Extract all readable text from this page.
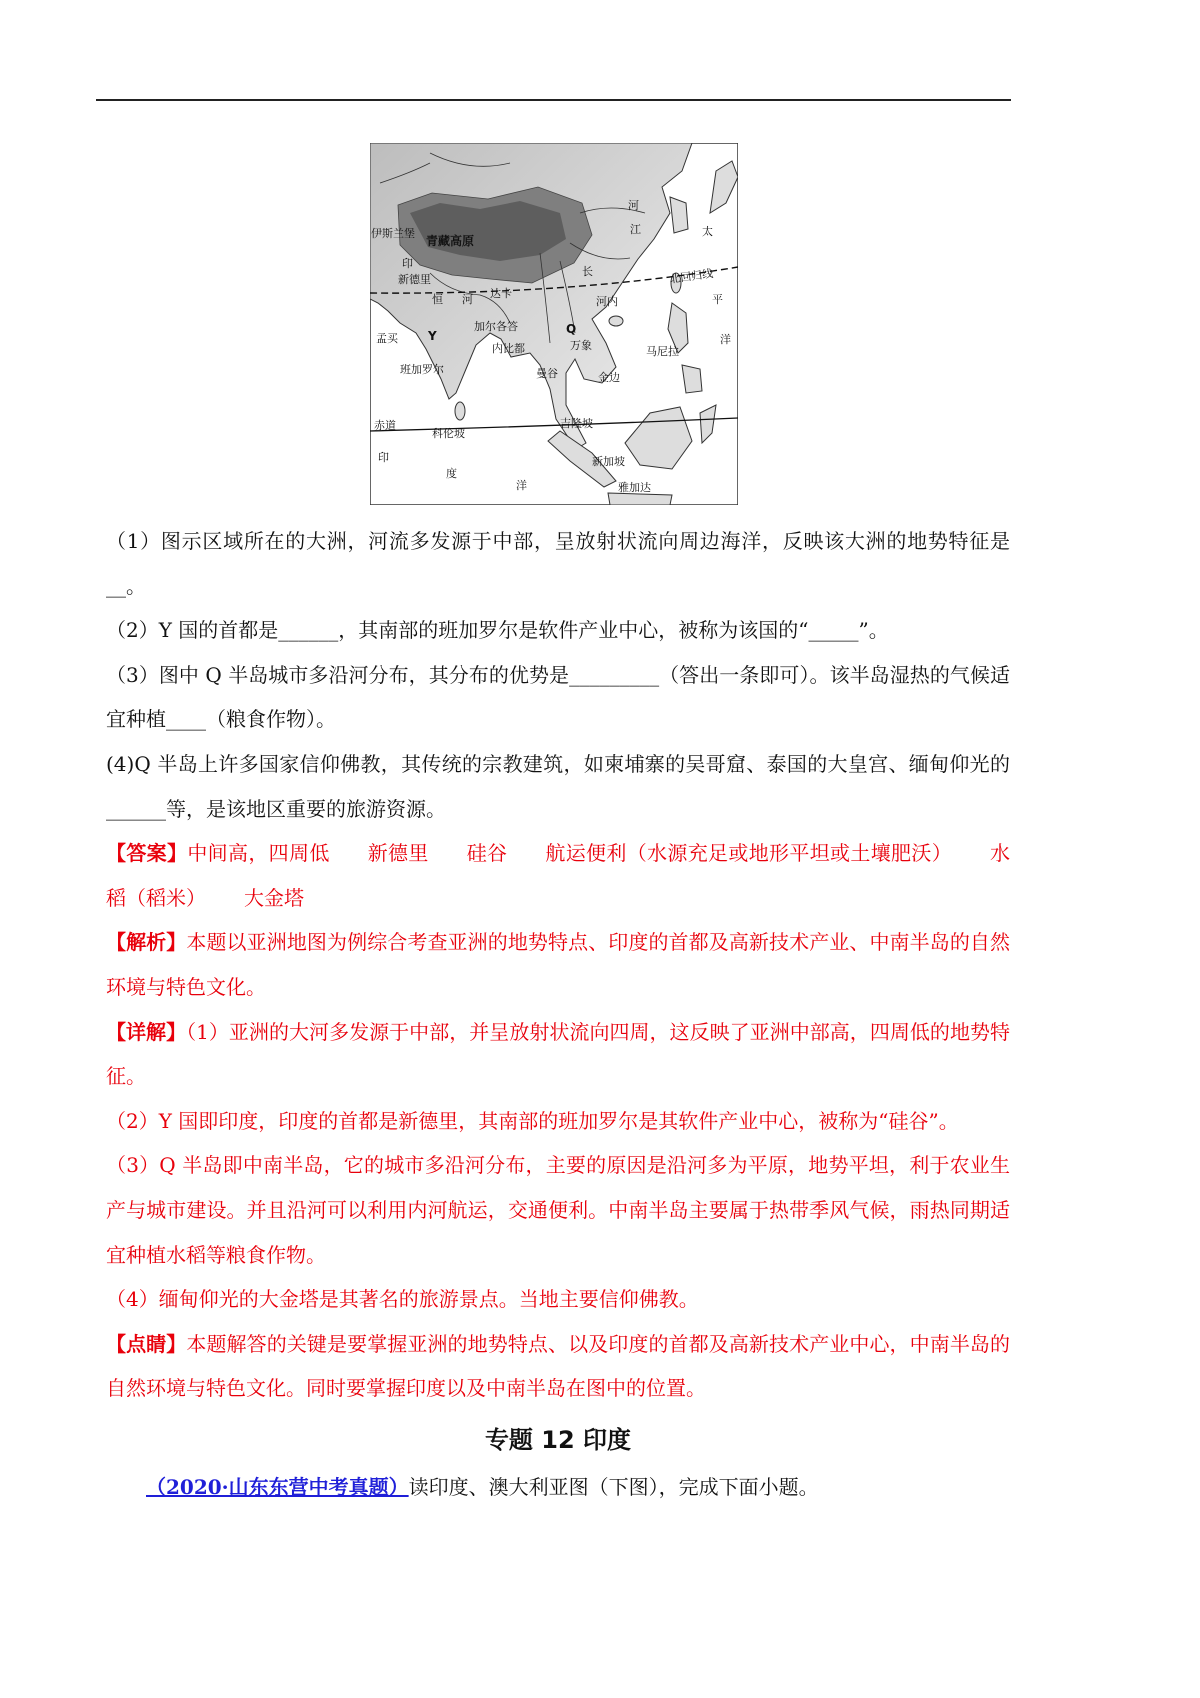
伊斯兰堡
青藏高原
印
新德里
恒 河 达卡
加尔各答
孟买	Y
班加罗尔
科伦坡
赤道
印
度
洋
内比都
Q
河内
万象
曼谷	金边
马尼拉
吉隆坡
新加坡
雅加达
长
江
河
北回归线
太
平
洋

（1）图示区域所在的大洲，河流多发源于中部，呈放射状流向周边海洋，反映该大洲的地势特征是__。

（2）Y 国的首都是______，其南部的班加罗尔是软件产业中心，被称为该国的“_____”。

（3）图中 Q 半岛城市多沿河分布，其分布的优势是_________（答出一条即可）。该半岛湿热的气候适宜种植____（粮食作物）。

(4)Q 半岛上许多国家信仰佛教，其传统的宗教建筑，如柬埔寨的吴哥窟、泰国的大皇宫、缅甸仰光的______等，是该地区重要的旅游资源。

【答案】中间高，四周低 新德里 硅谷 航运便利（水源充足或地形平坦或土壤肥沃） 水稻（稻米） 大金塔

【解析】本题以亚洲地图为例综合考查亚洲的地势特点、印度的首都及高新技术产业、中南半岛的自然环境与特色文化。

【详解】（1）亚洲的大河多发源于中部，并呈放射状流向四周，这反映了亚洲中部高，四周低的地势特征。

（2）Y 国即印度，印度的首都是新德里，其南部的班加罗尔是其软件产业中心，被称为“硅谷”。

（3）Q 半岛即中南半岛，它的城市多沿河分布，主要的原因是沿河多为平原，地势平坦，利于农业生产与城市建设。并且沿河可以利用内河航运，交通便利。中南半岛主要属于热带季风气候，雨热同期适宜种植水稻等粮食作物。

（4）缅甸仰光的大金塔是其著名的旅游景点。当地主要信仰佛教。

【点睛】本题解答的关键是要掌握亚洲的地势特点、以及印度的首都及高新技术产业中心，中南半岛的自然环境与特色文化。同时要掌握印度以及中南半岛在图中的位置。

专题 12 印度

（2020·山东东营中考真题）读印度、澳大利亚图（下图），完成下面小题。
